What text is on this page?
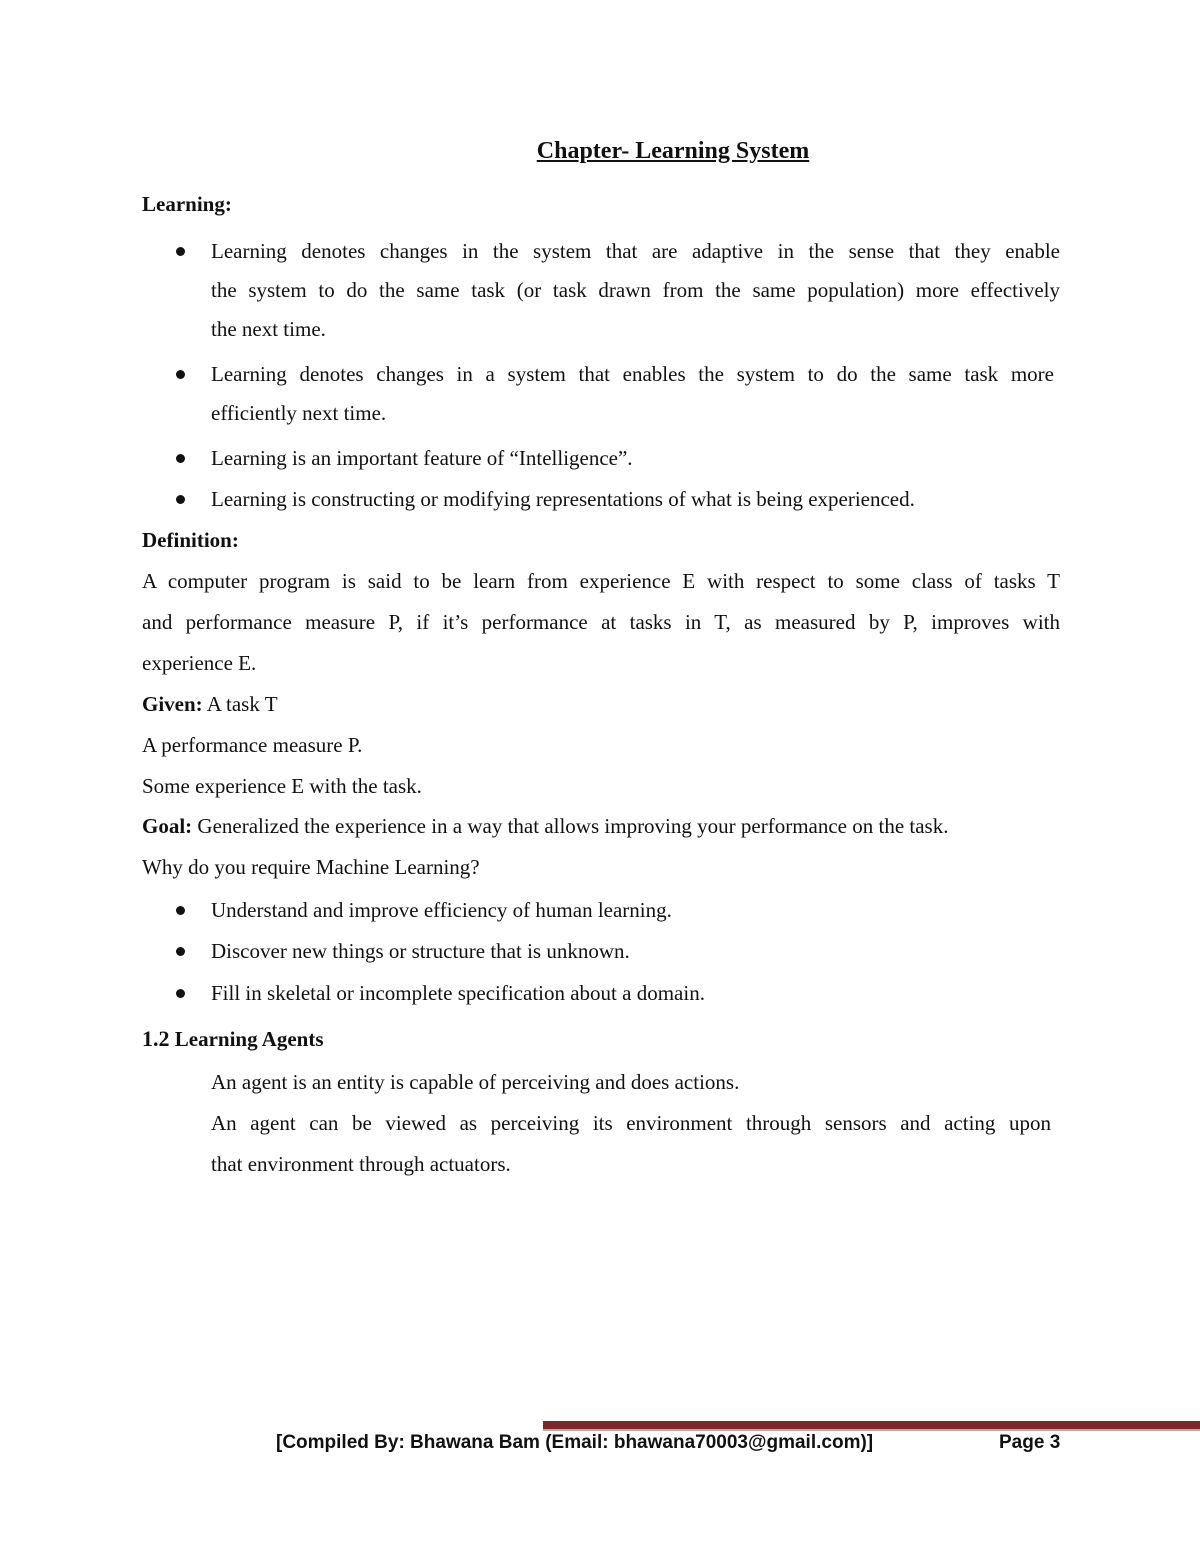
Chapter- Learning System
Learning:
Learning denotes changes in the system that are adaptive in the sense that they enable
the system to do the same task (or task drawn from the same population) more effectively
the next time.
Learning denotes changes in a system that enables the system to do the same task more
efficiently next time.
Learning is an important feature of “Intelligence”.
Learning is constructing or modifying representations of what is being experienced.
Definition:
A computer program is said to be learn from experience E with respect to some class of tasks T
and performance measure P, if it’s performance at tasks in T, as measured by P, improves with
experience E.
Given: A task T
A performance measure P.
Some experience E with the task.
Goal: Generalized the experience in a way that allows improving your performance on the task.
Why do you require Machine Learning?
Understand and improve efficiency of human learning.
Discover new things or structure that is unknown.
Fill in skeletal or incomplete specification about a domain.
1.2 Learning Agents
An agent is an entity is capable of perceiving and does actions.
An agent can be viewed as perceiving its environment through sensors and acting upon
that environment through actuators.
[Compiled By: Bhawana Bam (Email: bhawana70003@gmail.com)]	Page 3
